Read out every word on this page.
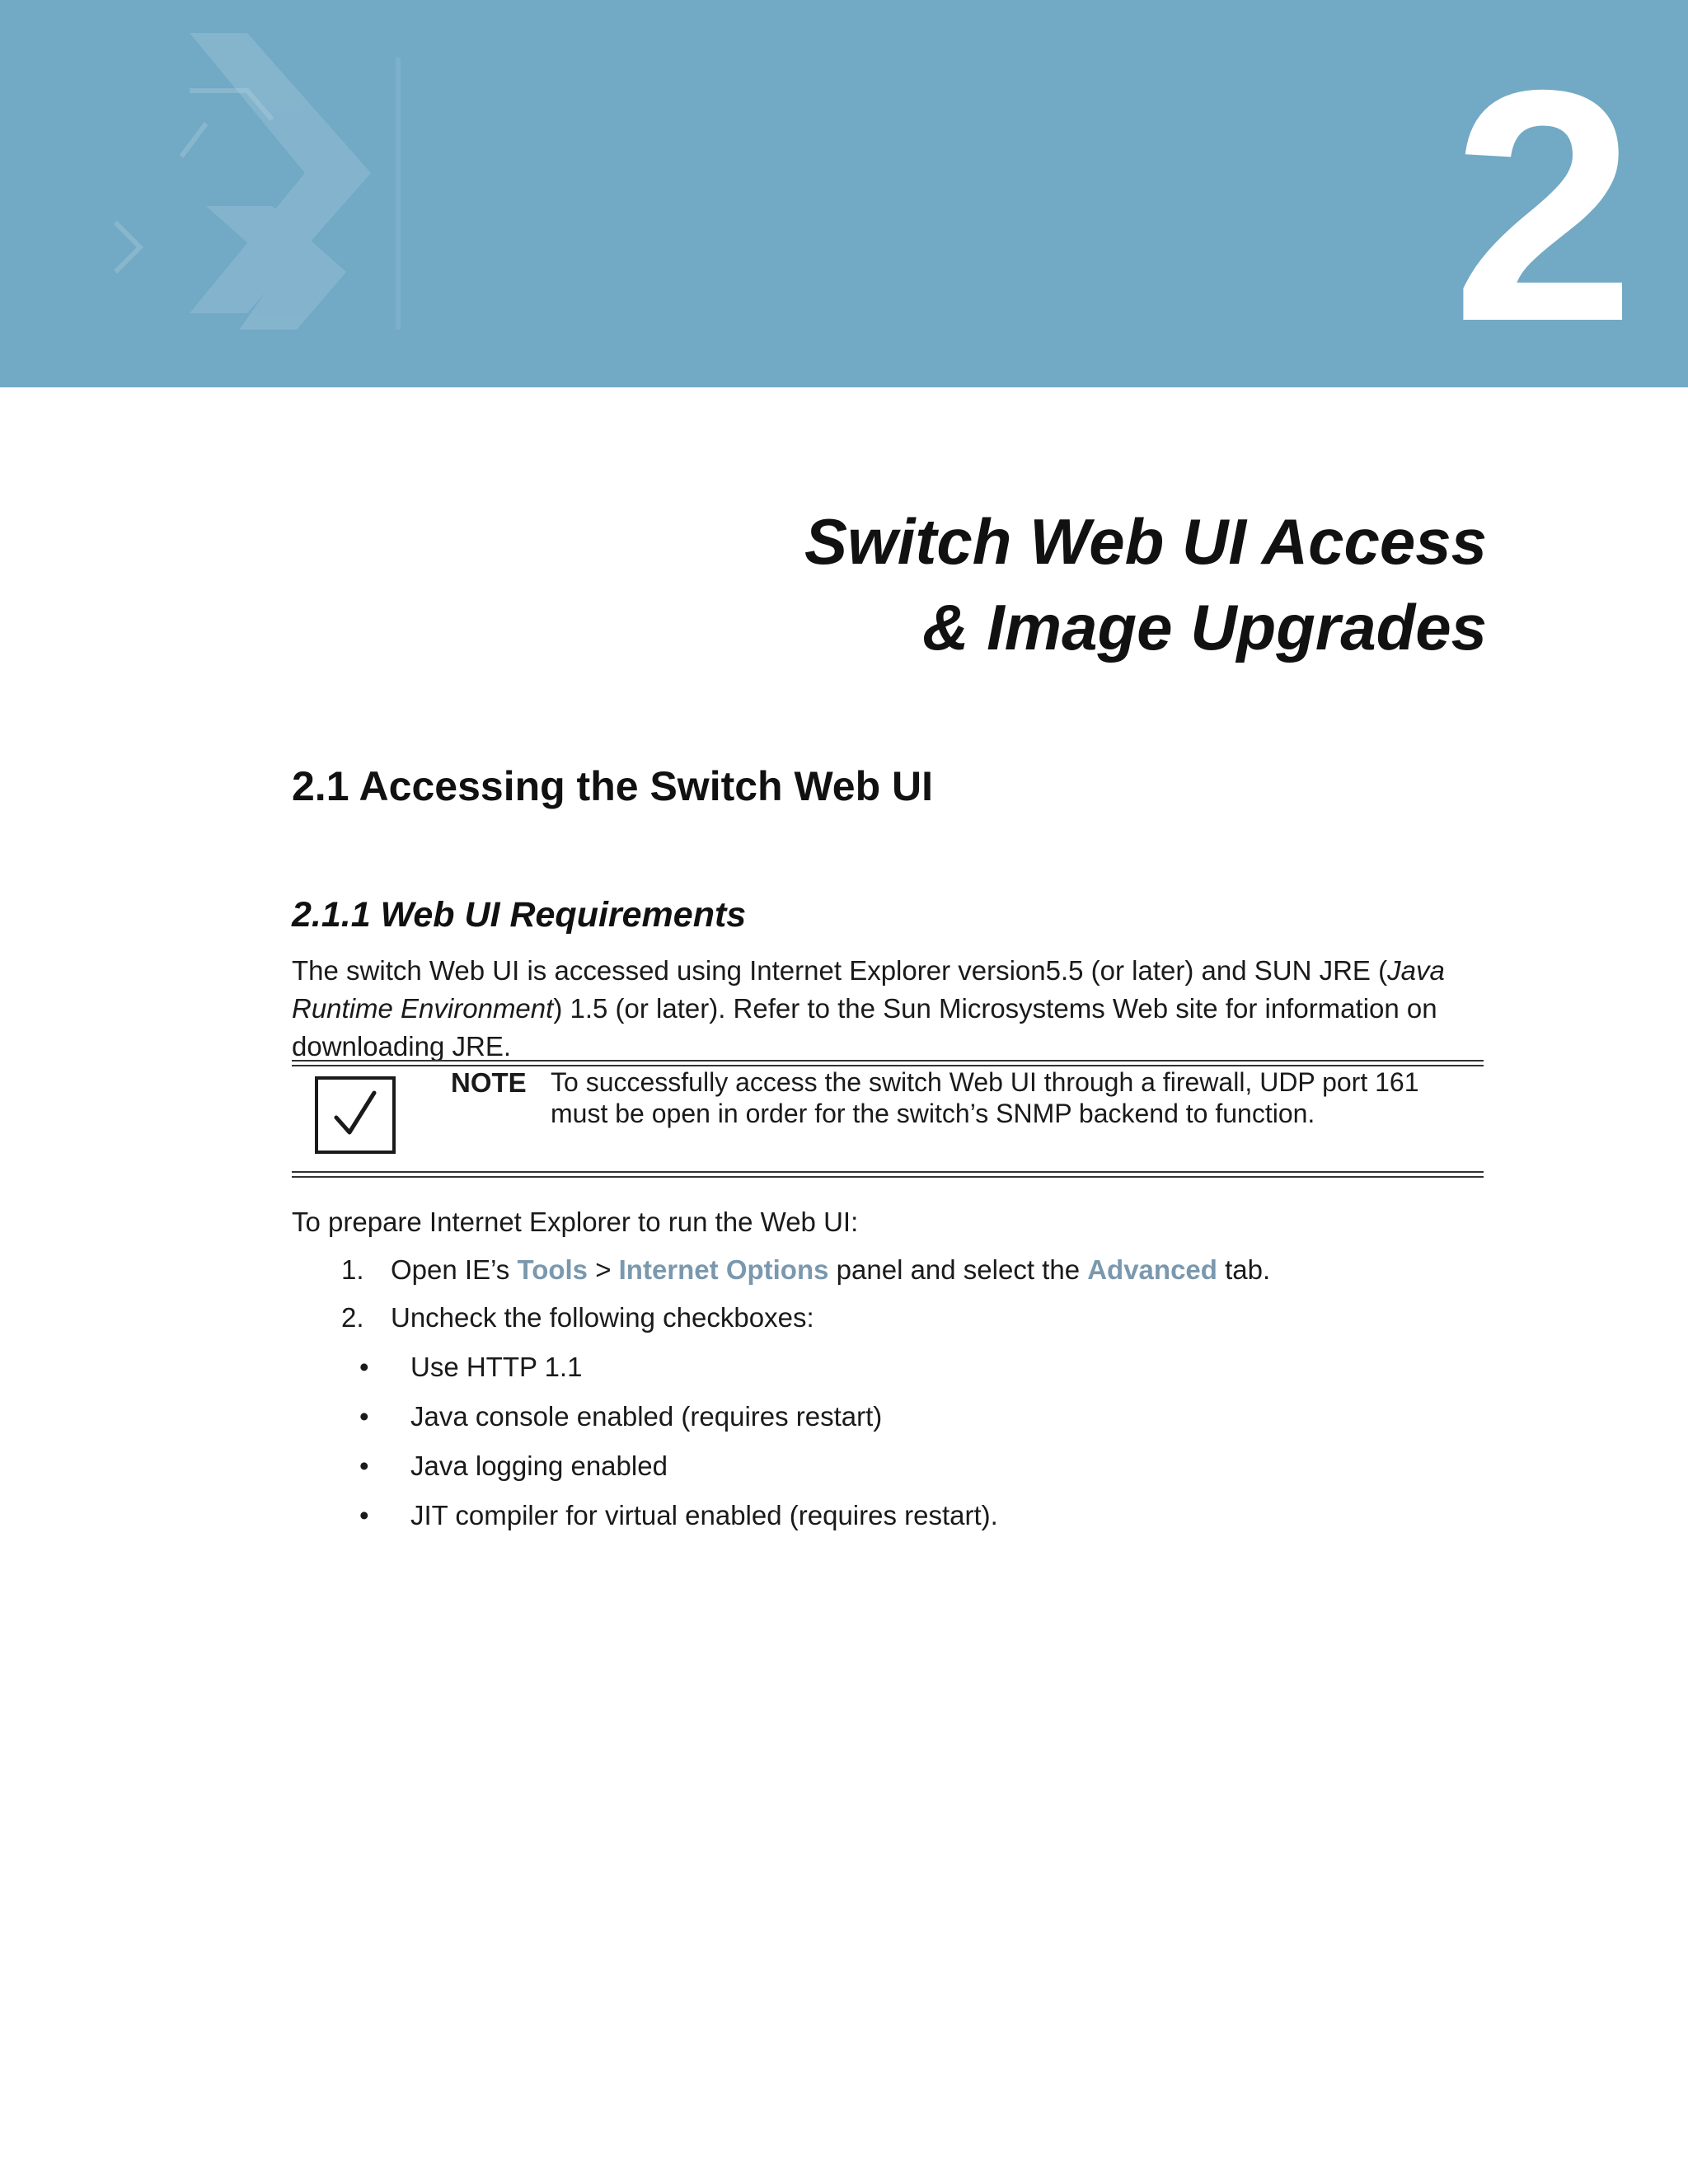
2
Switch Web UI Access
& Image Upgrades
2.1 Accessing the Switch Web UI
2.1.1 Web UI Requirements
The switch Web UI is accessed using Internet Explorer version5.5 (or later) and SUN JRE (Java Runtime Environment) 1.5 (or later). Refer to the Sun Microsystems Web site for information on downloading JRE.
NOTE To successfully access the switch Web UI through a firewall, UDP port 161 must be open in order for the switch’s SNMP backend to function.
To prepare Internet Explorer to run the Web UI:
1. Open IE’s Tools > Internet Options panel and select the Advanced tab.
2. Uncheck the following checkboxes:
• Use HTTP 1.1
• Java console enabled (requires restart)
• Java logging enabled
• JIT compiler for virtual enabled (requires restart).
